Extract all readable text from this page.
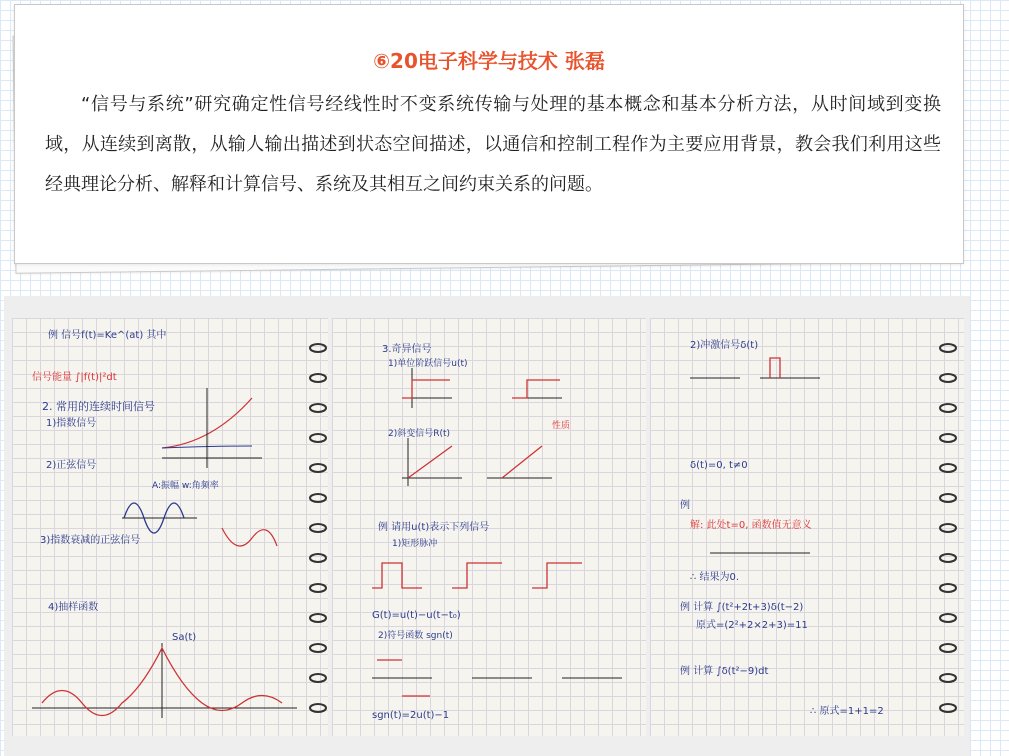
⑥20电子科学与技术 张磊
“信号与系统”研究确定性信号经线性时不变系统传输与处理的基本概念和基本分析方法，从时间域到变换域，从连续到离散，从输人输出描述到状态空间描述，以通信和控制工程作为主要应用背景，教会我们利用这些经典理论分析、解释和计算信号、系统及其相互之间约束关系的问题。
例 信号f(t)=Ke^(at) 其中
信号能量 ∫|f(t)|²dt
2. 常用的连续时间信号
1)指数信号
2)正弦信号
A:振幅 w:角频率
3)指数衰减的正弦信号
4)抽样函数
Sa(t)
3.奇异信号
1)单位阶跃信号u(t)
2)斜变信号R(t)
性质
例 请用u(t)表示下列信号
1)矩形脉冲
G(t)=u(t)−u(t−t₀)
2)符号函数 sgn(t)
sgn(t)=2u(t)−1
2)冲激信号δ(t)
δ(t)=0, t≠0
例
解: 此处t=0, 函数值无意义
∴ 结果为0.
例 计算 ∫(t²+2t+3)δ(t−2)
原式=(2²+2×2+3)=11
例 计算 ∫δ(t²−9)dt
∴ 原式=1+1=2
